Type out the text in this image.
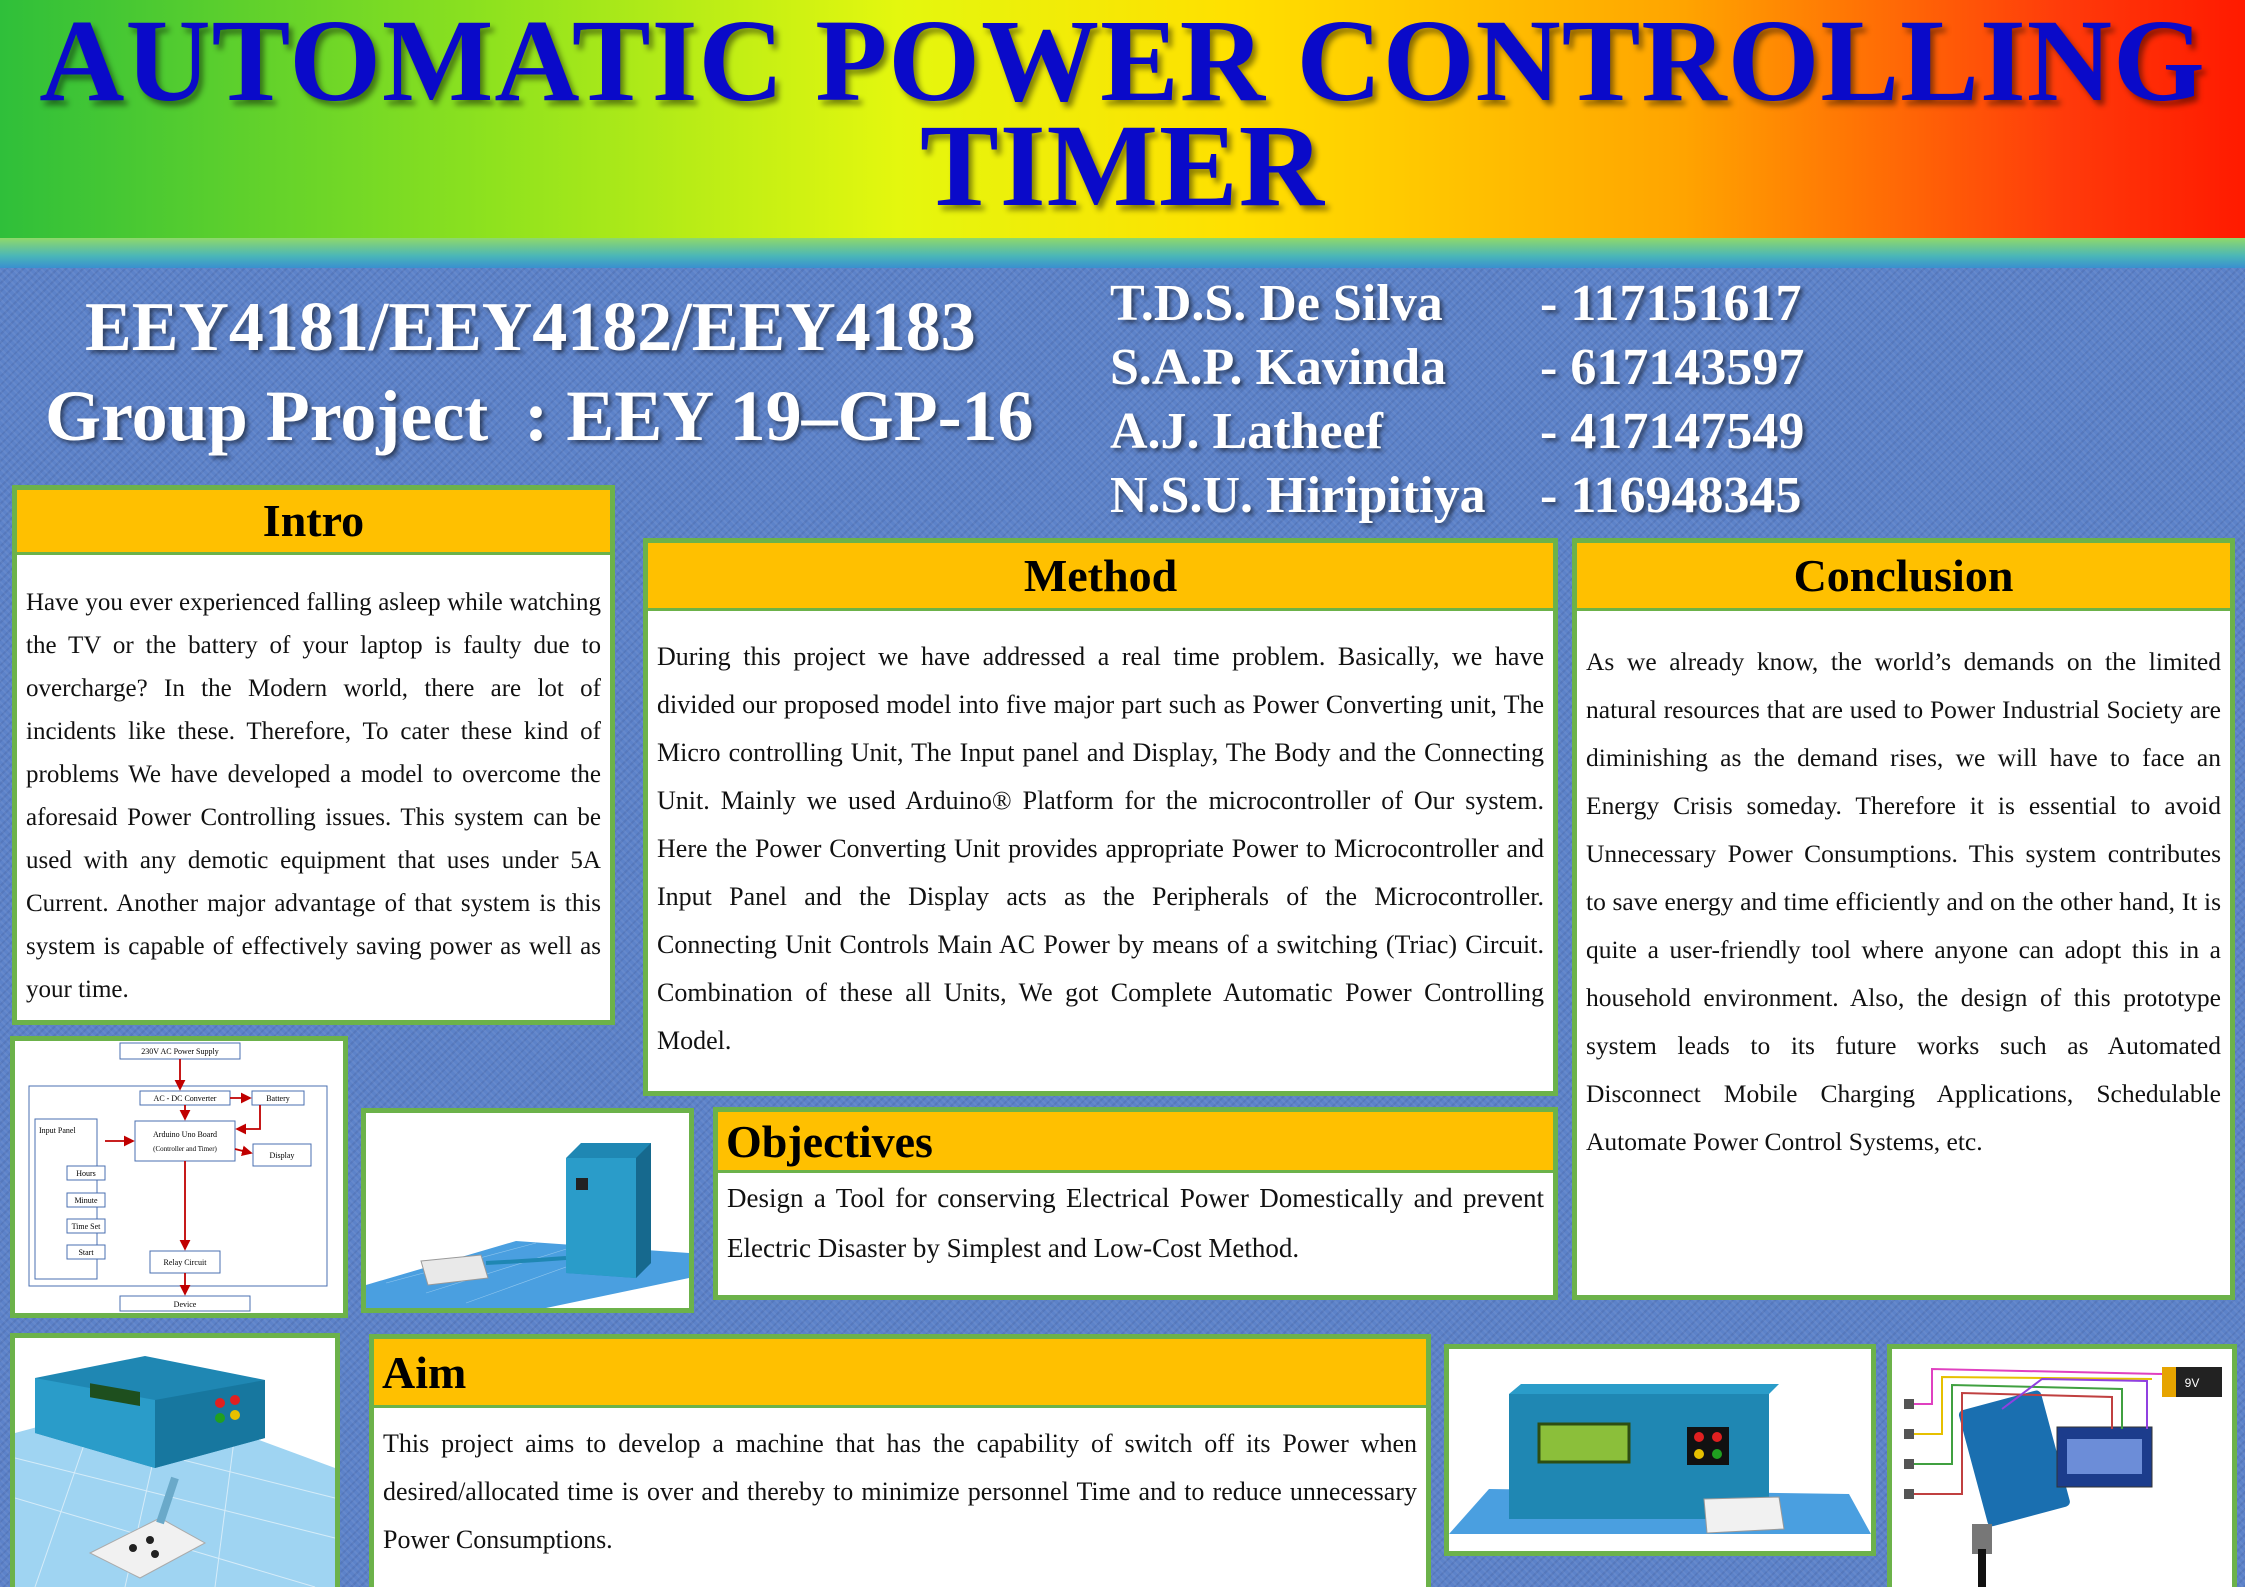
AUTOMATIC POWER CONTROLLING
TIMER
EEY4181/EEY4182/EEY4183
Group Project  : EEY 19–GP-16
T.D.S. De Silva	- 117151617
S.A.P. Kavinda	- 617143597
A.J. Latheef	- 417147549
N.S.U. Hiripitiya	- 116948345
Intro
Have you ever experienced falling asleep while watching the TV or the battery of your laptop is faulty due to overcharge? In the Modern world, there are lot of incidents like these. Therefore, To cater these kind of problems We have developed a model to overcome the aforesaid Power Controlling issues. This system can be used with any demotic equipment that uses under 5A Current. Another major advantage of that system is this system is capable of effectively saving power as well as your time.
Method
During this project we have addressed a real time problem. Basically, we have divided our proposed model into five major part such as Power Converting unit, The Micro controlling Unit, The Input panel and Display, The Body and the Connecting Unit. Mainly we used Arduino® Platform for the microcontroller of Our system. Here the Power Converting Unit provides appropriate Power to Microcontroller and Input Panel and the Display acts as the Peripherals of the Microcontroller. Connecting Unit Controls Main AC Power by means of a switching (Triac) Circuit. Combination of these all Units, We got Complete Automatic Power Controlling Model.
Conclusion
As we already know, the world’s demands on the limited natural resources that are used to Power Industrial Society are diminishing as the demand rises, we will have to face an Energy Crisis someday. Therefore it is essential to avoid Unnecessary Power Consumptions. This system contributes to save energy and time efficiently and on the other hand, It is quite a user-friendly tool where anyone can adopt this in a household environment. Also, the design of this prototype system leads to its future works such as Automated Disconnect Mobile Charging Applications, Schedulable Automate Power Control Systems, etc.
Objectives
Design a Tool for conserving Electrical Power Domestically and prevent Electric Disaster by Simplest and Low-Cost Method.
Aim
This project aims to develop a machine that has the capability of switch off its Power when desired/allocated time is over and thereby to minimize personnel Time and to reduce unnecessary Power Consumptions.
230V AC Power Supply
AC - DC Converter	Battery
Input Panel	Arduino Uno Board
(Controller and Timer)
Display
Hours
Minute
Time Set
Start
Relay Circuit
Device
9V
